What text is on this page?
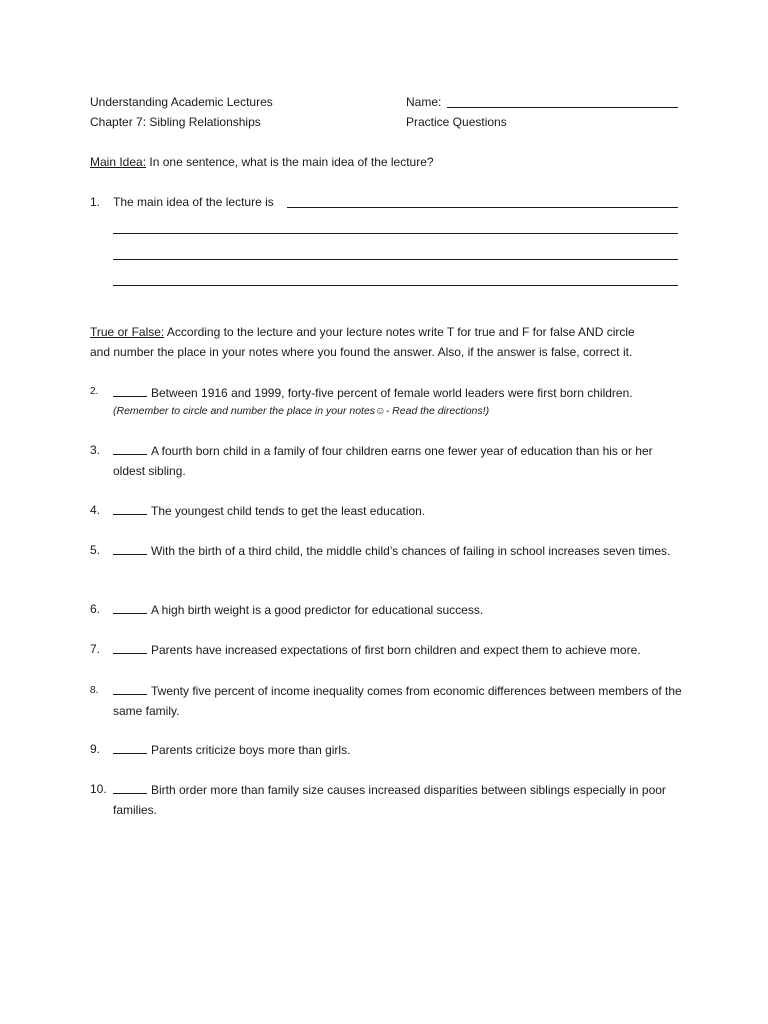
Understanding Academic Lectures
Chapter 7: Sibling Relationships
Name:
Practice Questions
Main Idea: In one sentence, what is the main idea of the lecture?
1. The main idea of the lecture is
True or False: According to the lecture and your lecture notes write T for true and F for false AND circle
and number the place in your notes where you found the answer. Also, if the answer is false, correct it.
2.	Between 1916 and 1999, forty-five percent of female world leaders were first born children.
(Remember to circle and number the place in your notes☺- Read the directions!)
3.	A fourth born child in a family of four children earns one fewer year of education than his or her oldest sibling.
4.	The youngest child tends to get the least education.
5.	With the birth of a third child, the middle child’s chances of failing in school increases seven times.
6.	A high birth weight is a good predictor for educational success.
7.	Parents have increased expectations of first born children and expect them to achieve more.
8.	Twenty five percent of income inequality comes from economic differences between members of the same family.
9.	Parents criticize boys more than girls.
10.	Birth order more than family size causes increased disparities between siblings especially in poor families.
